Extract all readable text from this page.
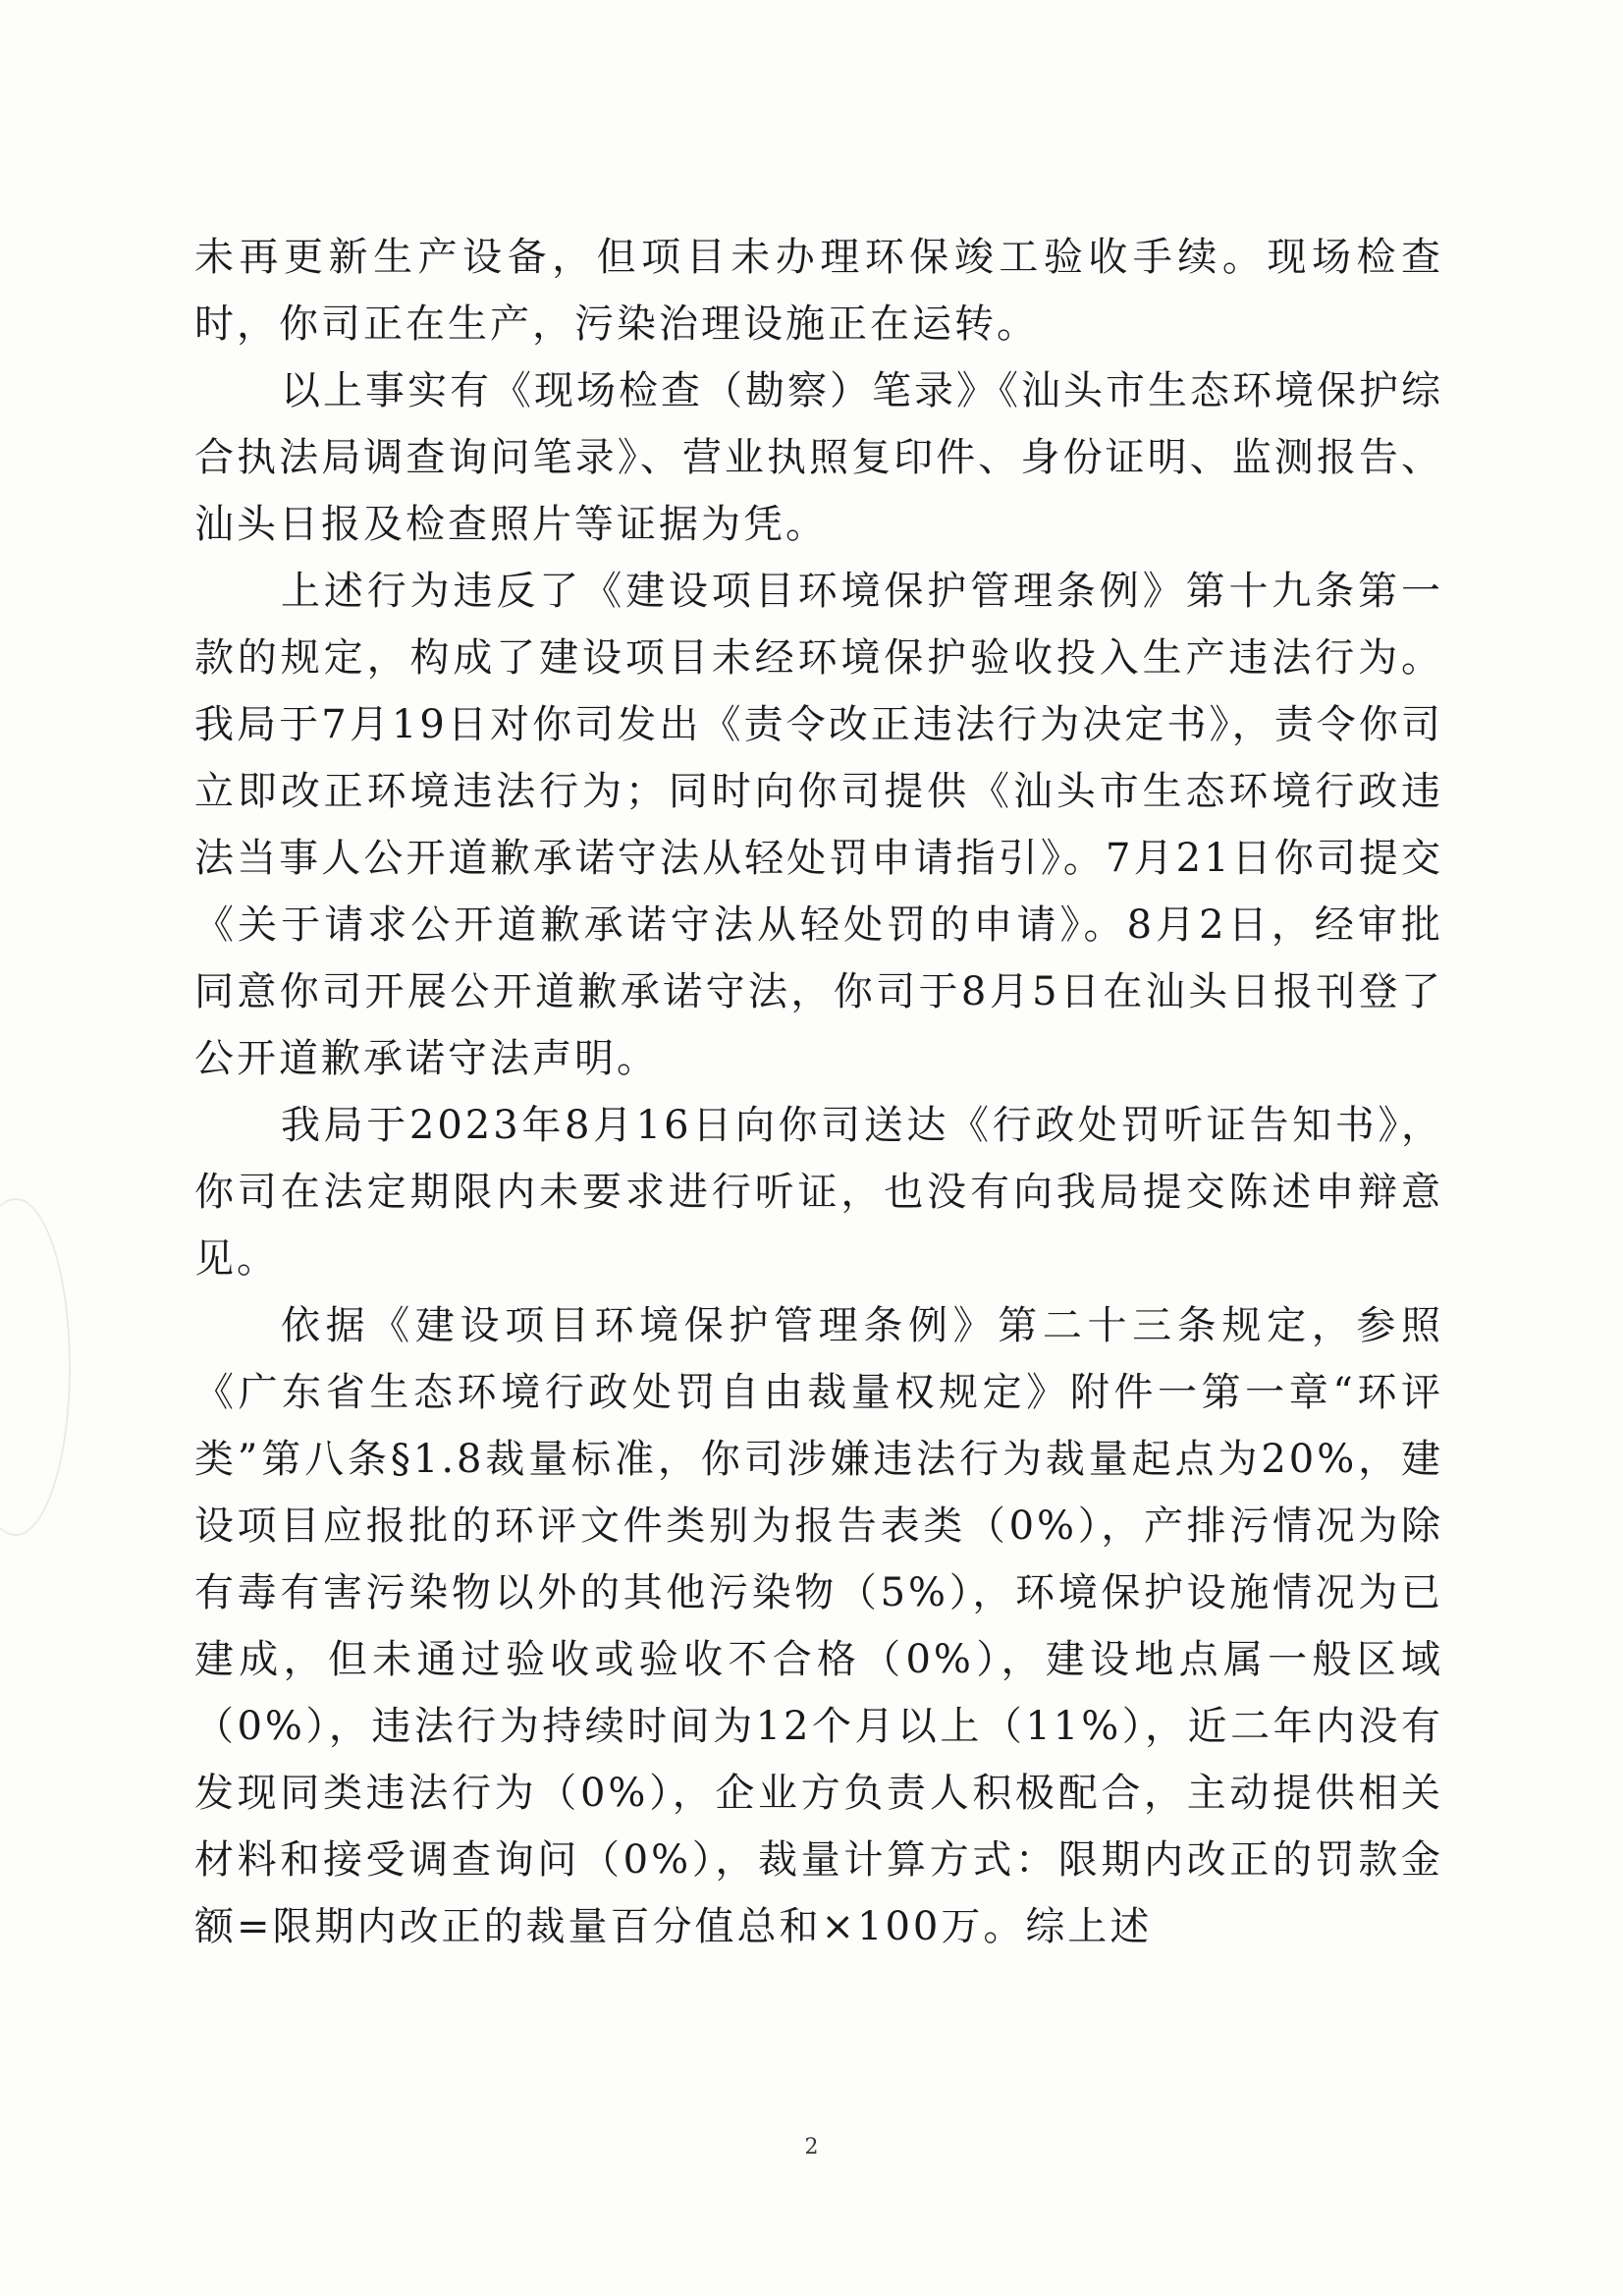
未再更新生产设备，但项目未办理环保竣工验收手续。现场检查时，你司正在生产，污染治理设施正在运转。

以上事实有《现场检查（勘察）笔录》《汕头市生态环境保护综合执法局调查询问笔录》、营业执照复印件、身份证明、监测报告、汕头日报及检查照片等证据为凭。

上述行为违反了《建设项目环境保护管理条例》第十九条第一款的规定，构成了建设项目未经环境保护验收投入生产违法行为。我局于7月19日对你司发出《责令改正违法行为决定书》，责令你司立即改正环境违法行为；同时向你司提供《汕头市生态环境行政违法当事人公开道歉承诺守法从轻处罚申请指引》。7月21日你司提交《关于请求公开道歉承诺守法从轻处罚的申请》。8月2日，经审批同意你司开展公开道歉承诺守法，你司于8月5日在汕头日报刊登了公开道歉承诺守法声明。

我局于2023年8月16日向你司送达《行政处罚听证告知书》，你司在法定期限内未要求进行听证，也没有向我局提交陈述申辩意见。

依据《建设项目环境保护管理条例》第二十三条规定，参照《广东省生态环境行政处罚自由裁量权规定》附件一第一章“环评类”第八条§1.8裁量标准，你司涉嫌违法行为裁量起点为20%，建设项目应报批的环评文件类别为报告表类（0%），产排污情况为除有毒有害污染物以外的其他污染物（5%），环境保护设施情况为已建成，但未通过验收或验收不合格（0%），建设地点属一般区域（0%），违法行为持续时间为12个月以上（11%），近二年内没有发现同类违法行为（0%），企业方负责人积极配合，主动提供相关材料和接受调查询问（0%），裁量计算方式：限期内改正的罚款金额=限期内改正的裁量百分值总和×100万。综上述

2
